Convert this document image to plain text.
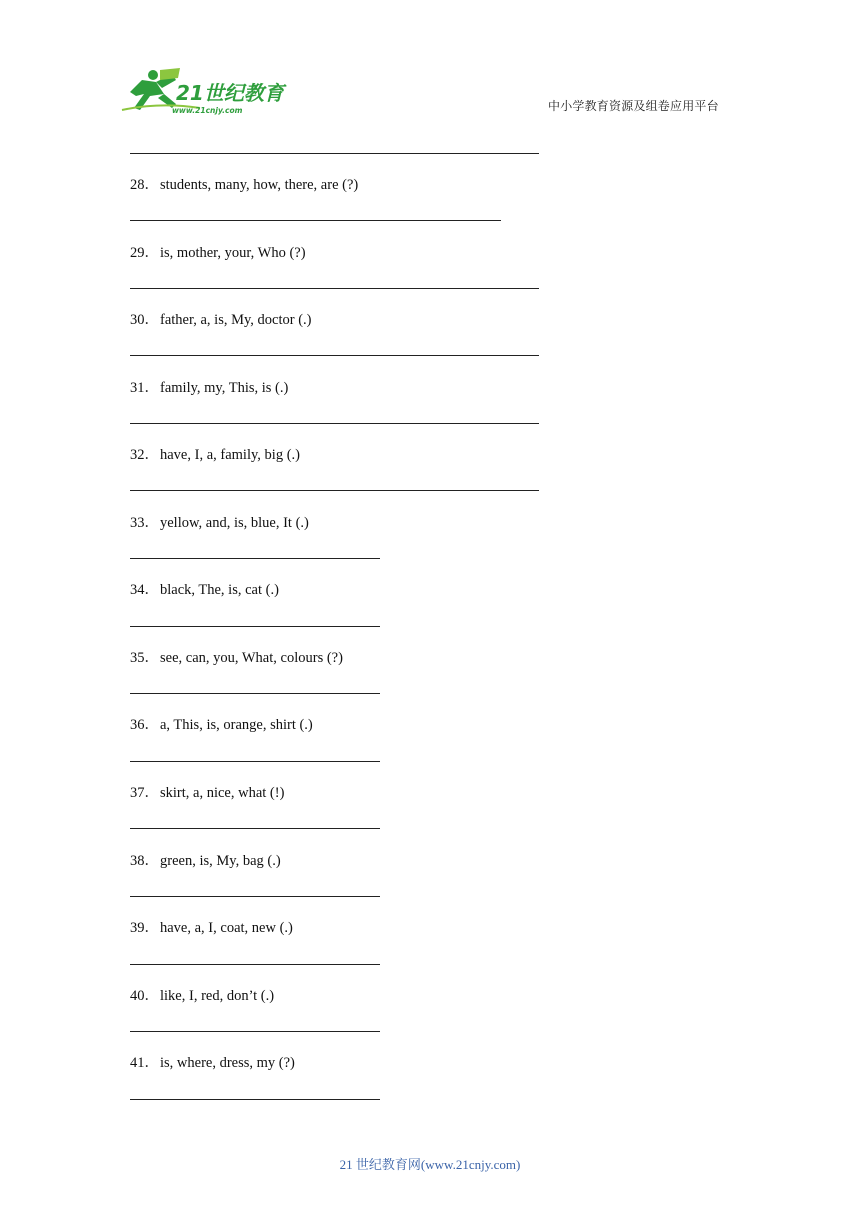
21世纪教育
www.21cnjy.com	中小学教育资源及组卷应用平台
28．students, many, how, there, are (?)
29．is, mother, your, Who (?)
30．father, a, is, My, doctor (.)
31．family, my, This, is (.)
32．have, I, a, family, big (.)
33．yellow, and, is, blue, It (.)
34．black, The, is, cat (.)
35．see, can, you, What, colours (?)
36．a, This, is, orange, shirt (.)
37．skirt, a, nice, what (!)
38．green, is, My, bag (.)
39．have, a, I, coat, new (.)
40．like, I, red, don’t (.)
41．is, where, dress, my (?)
21 世纪教育网(www.21cnjy.com)
